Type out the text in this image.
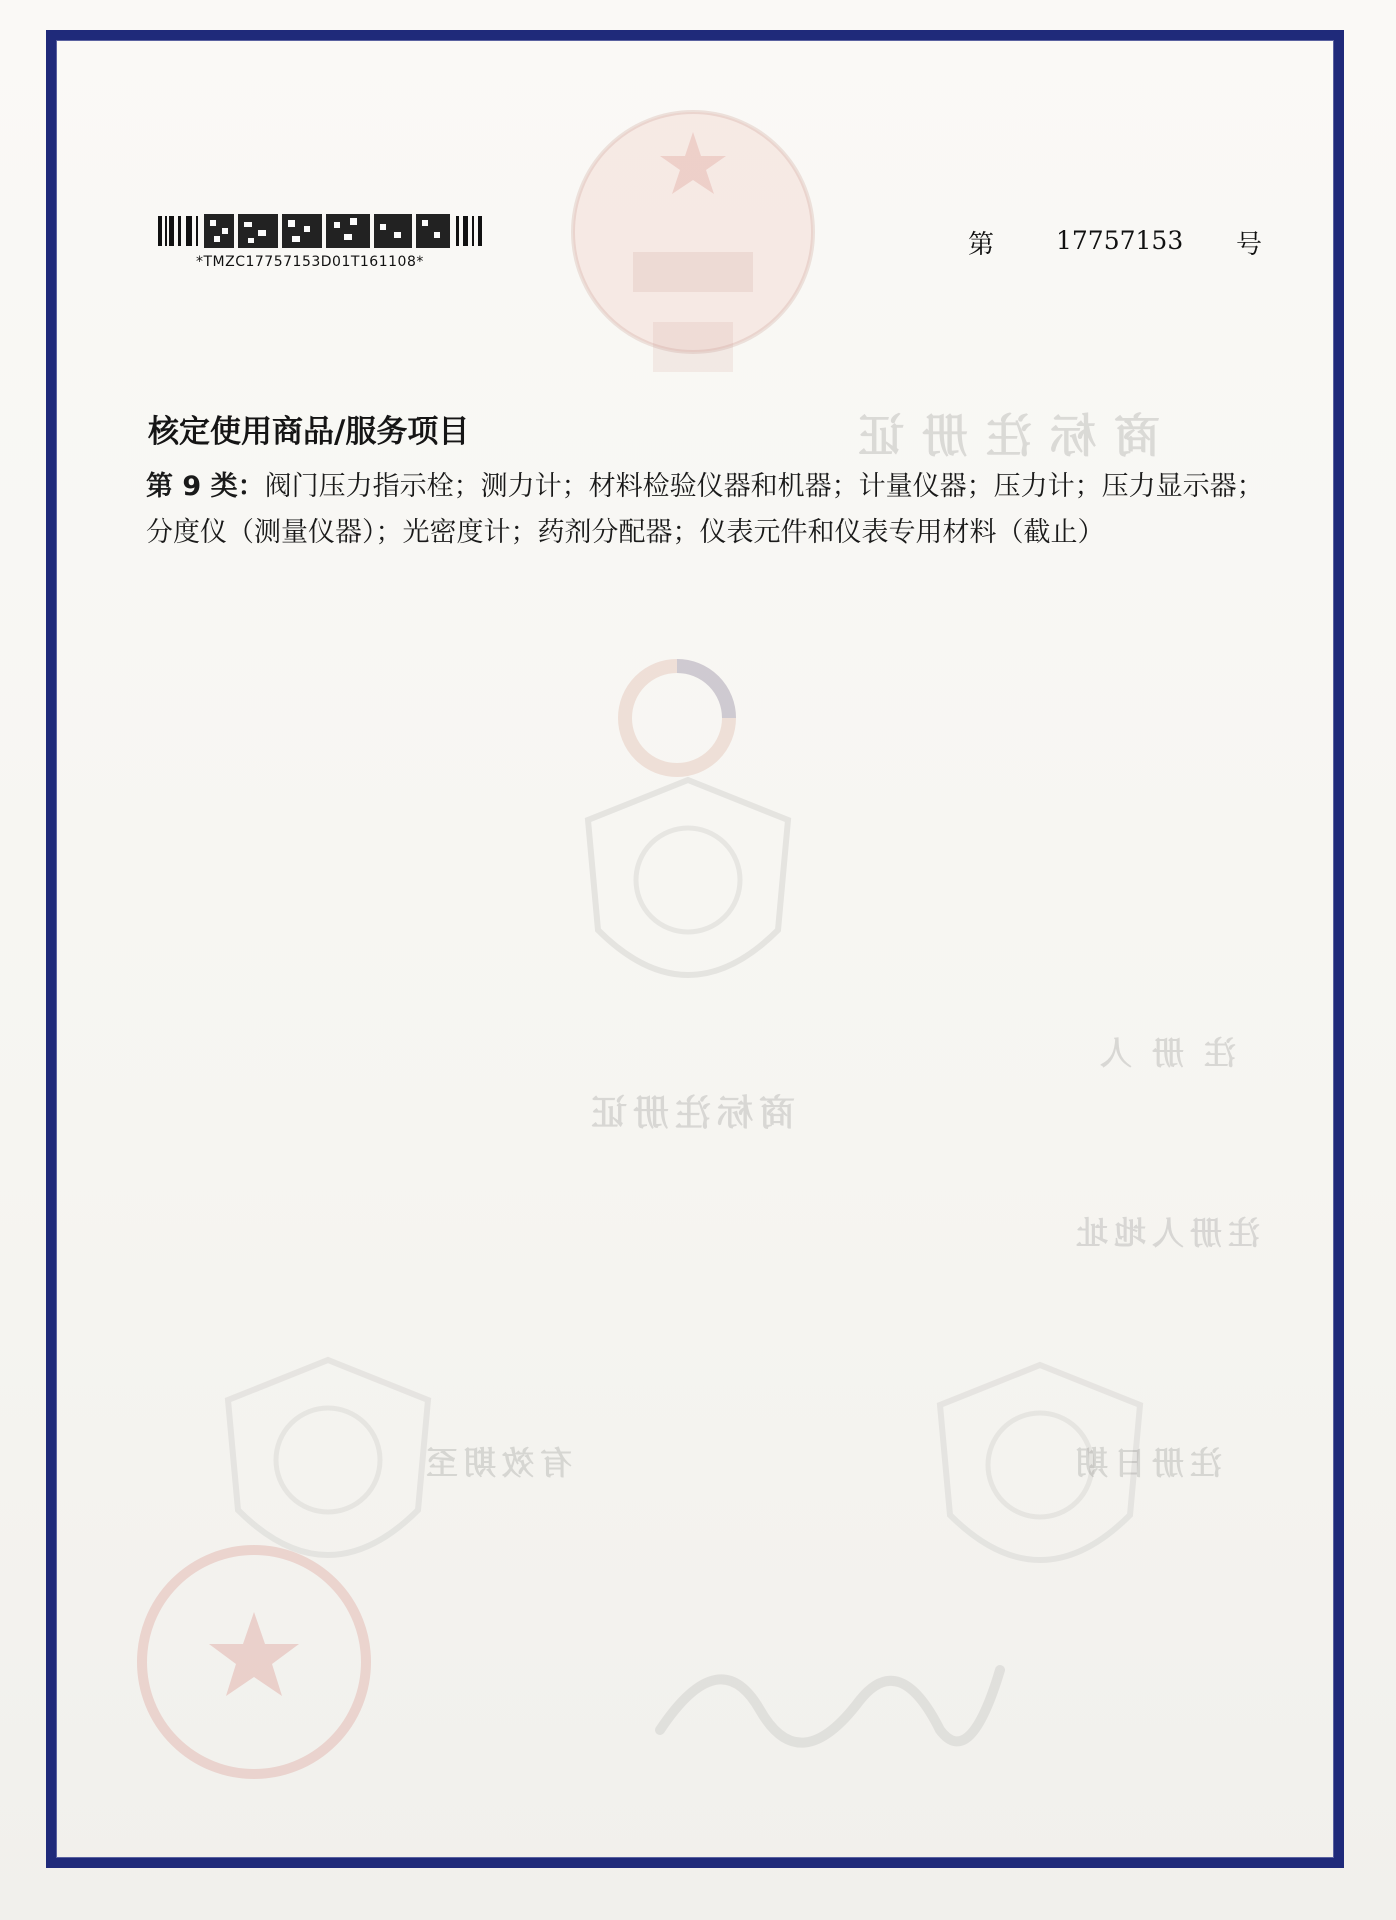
商标注册证
商标注册证
注册人
注册人地址
注册日期
有效期至
*TMZC17757153D01T161108*
第 17757153 号
核定使用商品/服务项目
第 9 类：阀门压力指示栓；测力计；材料检验仪器和机器；计量仪器；压力计；压力显示器；分度仪（测量仪器）；光密度计；药剂分配器；仪表元件和仪表专用材料（截止）
